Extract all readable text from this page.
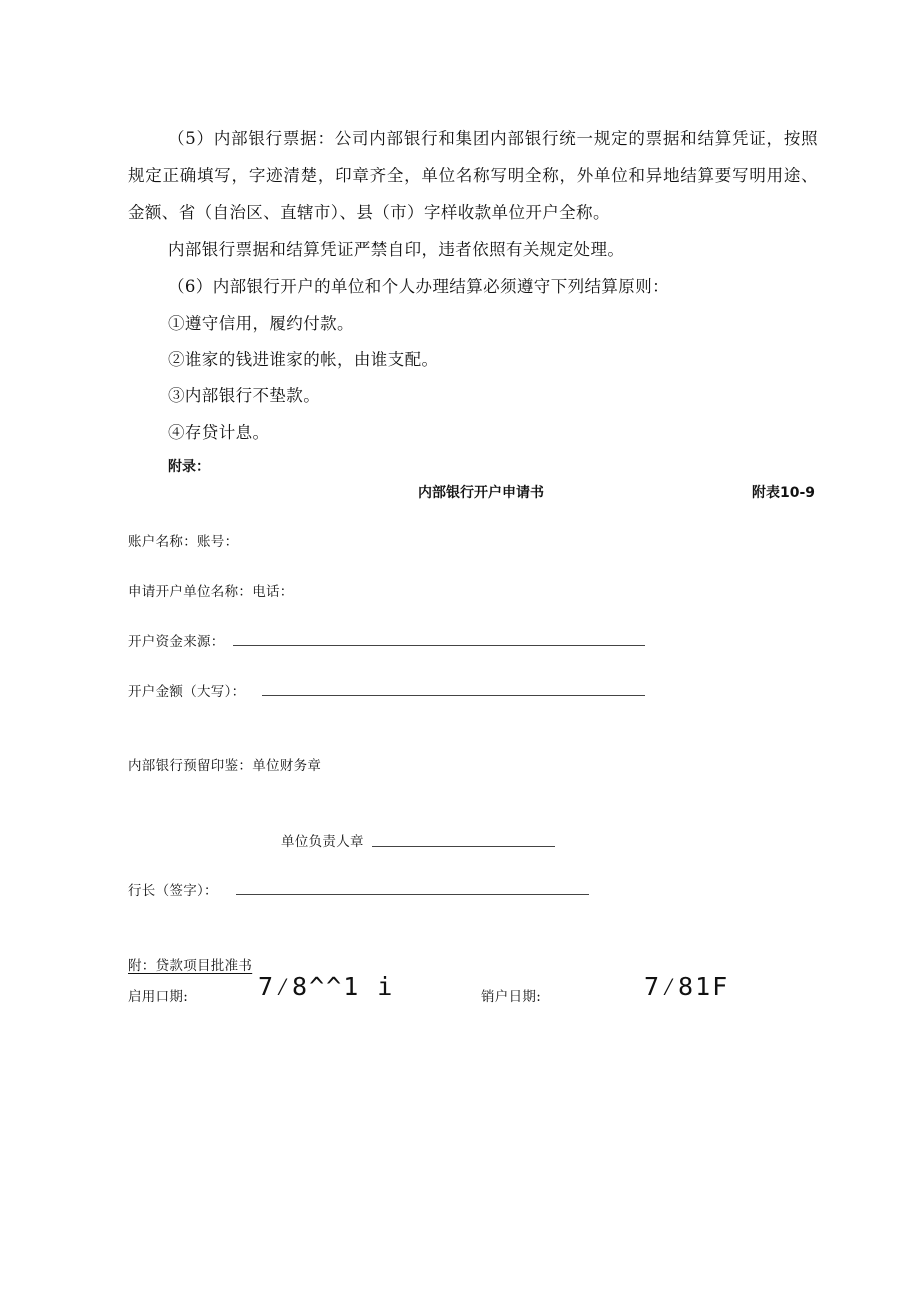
（5）内部银行票据：公司内部银行和集团内部银行统一规定的票据和结算凭证，按照规定正确填写，字迹清楚，印章齐全，单位名称写明全称，外单位和异地结算要写明用途、金额、省（自治区、直辖市）、县（市）字样收款单位开户全称。
内部银行票据和结算凭证严禁自印，违者依照有关规定处理。
（6）内部银行开户的单位和个人办理结算必须遵守下列结算原则：
①遵守信用，履约付款。
②谁家的钱进谁家的帐，由谁支配。
③内部银行不垫款。
④存贷计息。
附录：
内部银行开户申请书	附表10-9
账户名称：账号：
申请开户单位名称：电话：
开户资金来源：
开户金额（大写）：
内部银行预留印鉴：单位财务章
单位负责人章
行长（签字）：
附：贷款项目批准书
启用口期:	7⁄8^^1 i	销户日期:	7⁄81F
